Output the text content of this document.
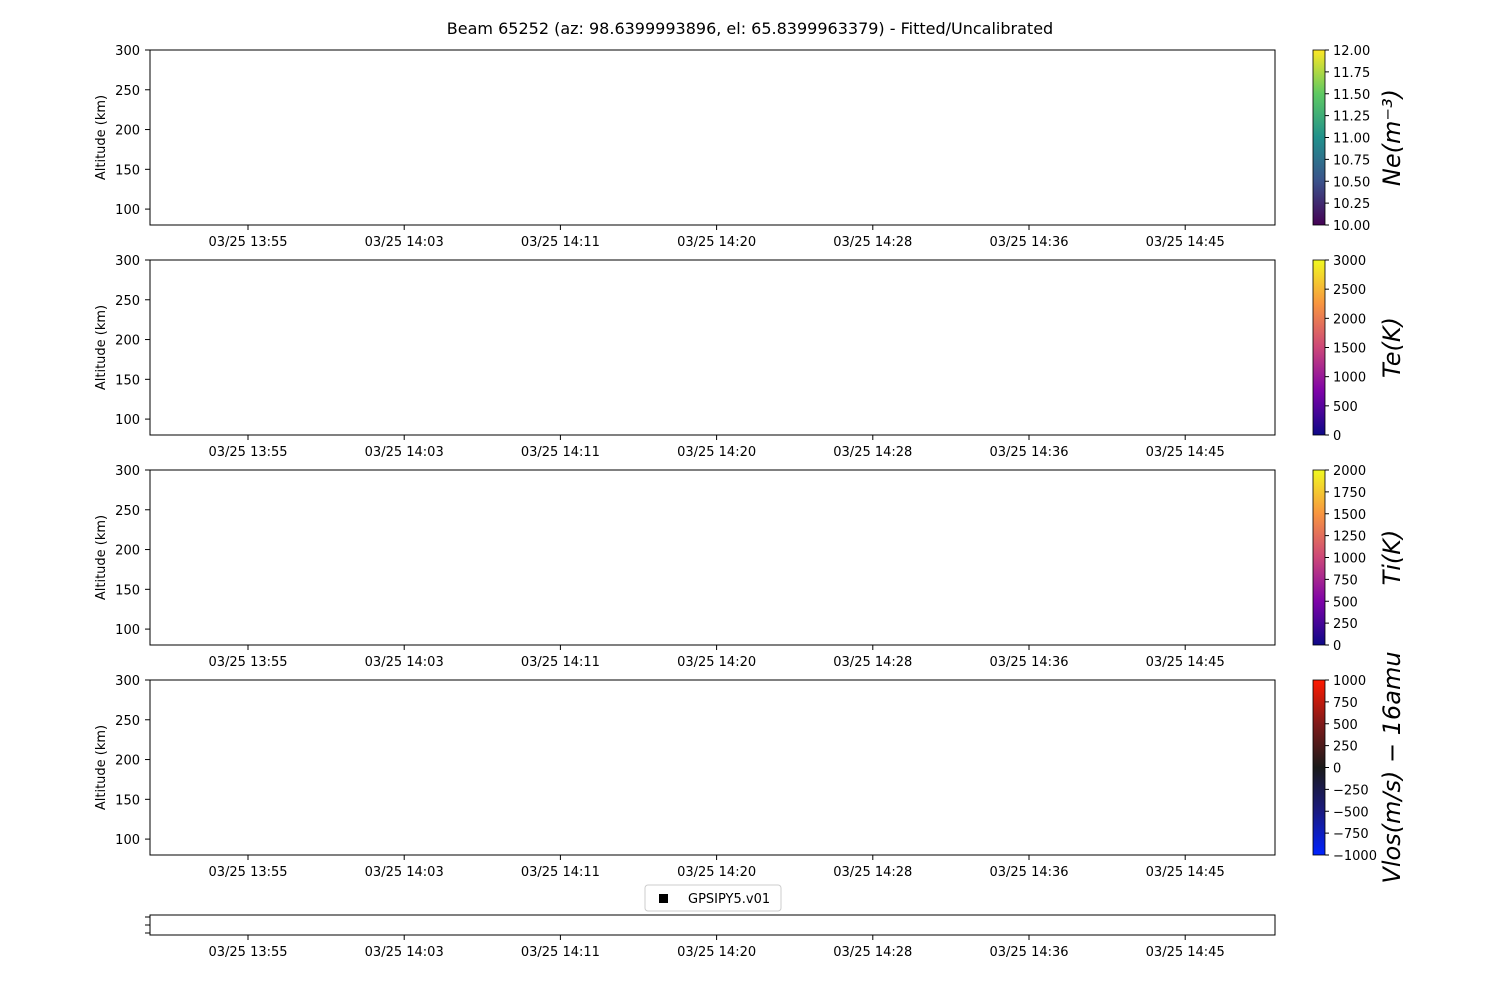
Beam 65252 (az: 98.6399993896, el: 65.8399963379) - Fitted/Uncalibrated
100
150
200
250
300
Altitude (km)
03/25 13:55	03/25 14:03	03/25 14:11	03/25 14:20	03/25 14:28	03/25 14:36	03/25 14:45
10.00
10.25
10.50
10.75
11.00
11.25
11.50
11.75
12.00
Ne(m⁻³)
100
150
200
250
300
Altitude (km)
03/25 13:55	03/25 14:03	03/25 14:11	03/25 14:20	03/25 14:28	03/25 14:36	03/25 14:45
0
500
1000
1500
2000
2500
3000
Te(K)
100
150
200
250
300
Altitude (km)
03/25 13:55	03/25 14:03	03/25 14:11	03/25 14:20	03/25 14:28	03/25 14:36	03/25 14:45
0
250
500
750
1000
1250
1500
1750
2000
Ti(K)
100
150
200
250
300
Altitude (km)
03/25 13:55	03/25 14:03	03/25 14:11	03/25 14:20	03/25 14:28	03/25 14:36	03/25 14:45
−1000
−750
−500
−250
0
250
500
750
1000 Vlos(m/s) − 16amu
03/25 13:55	03/25 14:03	03/25 14:11	03/25 14:20	03/25 14:28	03/25 14:36	03/25 14:45
GPSIPY5.v01
